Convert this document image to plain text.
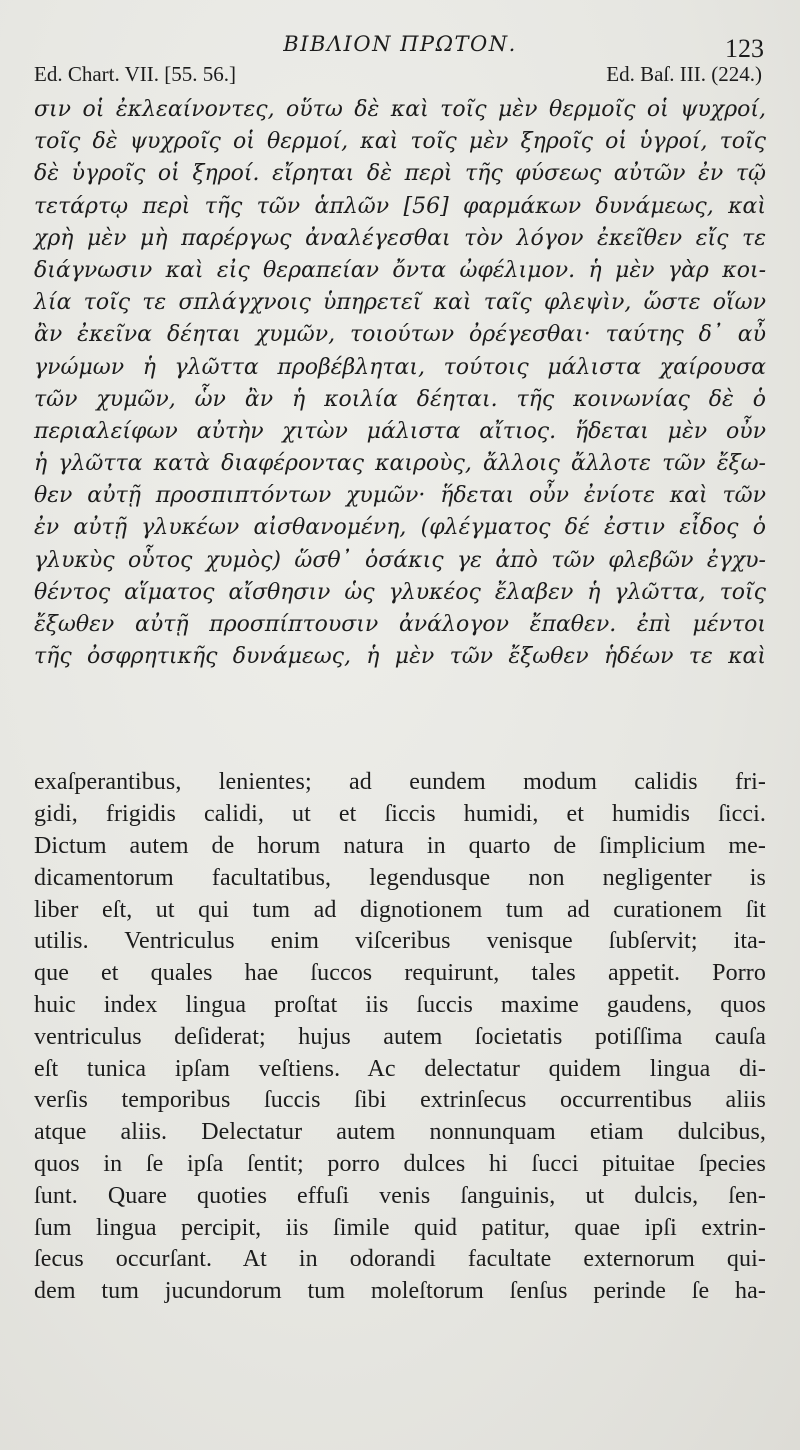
ΒΙΒΛΙΟΝ ΠΡΩΤΟΝ.	123
Ed. Chart. VII. [55. 56.]	Ed. Baſ. III. (224.)
σιν οἱ ἐκλεαίνοντες, οὕτω δὲ καὶ τοῖς μὲν θερμοῖς οἱ ψυχροί,
τοῖς δὲ ψυχροῖς οἱ θερμοί, καὶ τοῖς μὲν ξηροῖς οἱ ὑγροί, τοῖς
δὲ ὑγροῖς οἱ ξηροί. εἴρηται δὲ περὶ τῆς φύσεως αὐτῶν ἐν τῷ
τετάρτῳ περὶ τῆς τῶν ἁπλῶν [56] φαρμάκων δυνάμεως, καὶ
χρὴ μὲν μὴ παρέργως ἀναλέγεσθαι τὸν λόγον ἐκεῖθεν εἴς τε
διάγνωσιν καὶ εἰς θεραπείαν ὄντα ὠφέλιμον. ἡ μὲν γὰρ κοι-
λία τοῖς τε σπλάγχνοις ὑπηρετεῖ καὶ ταῖς φλεψὶν, ὥστε οἵων
ἂν ἐκεῖνα δέηται χυμῶν, τοιούτων ὀρέγεσθαι· ταύτης δ᾽ αὖ
γνώμων ἡ γλῶττα προβέβληται, τούτοις μάλιστα χαίρουσα
τῶν χυμῶν, ὧν ἂν ἡ κοιλία δέηται. τῆς κοινωνίας δὲ ὁ
περιαλείφων αὐτὴν χιτὼν μάλιστα αἴτιος. ἥδεται μὲν οὖν
ἡ γλῶττα κατὰ διαφέροντας καιροὺς, ἄλλοις ἄλλοτε τῶν ἔξω-
θεν αὐτῇ προσπιπτόντων χυμῶν· ἥδεται οὖν ἐνίοτε καὶ τῶν
ἐν αὐτῇ γλυκέων αἰσθανομένη, (φλέγματος δέ ἐστιν εἶδος ὁ
γλυκὺς οὗτος χυμὸς) ὥσθ᾽ ὁσάκις γε ἀπὸ τῶν φλεβῶν ἐγχυ-
θέντος αἵματος αἴσθησιν ὡς γλυκέος ἔλαβεν ἡ γλῶττα, τοῖς
ἔξωθεν αὐτῇ προσπίπτουσιν ἀνάλογον ἔπαθεν. ἐπὶ μέντοι
τῆς ὀσφρητικῆς δυνάμεως, ἡ μὲν τῶν ἔξωθεν ἡδέων τε καὶ
exaſperantibus, lenientes; ad eundem modum calidis fri-
gidi, frigidis calidi, ut et ſiccis humidi, et humidis ſicci.
Dictum autem de horum natura in quarto de ſimplicium me-
dicamentorum facultatibus, legendusque non negligenter is
liber eſt, ut qui tum ad dignotionem tum ad curationem ſit
utilis. Ventriculus enim viſceribus venisque ſubſervit; ita-
que et quales hae ſuccos requirunt, tales appetit. Porro
huic index lingua proſtat iis ſuccis maxime gaudens, quos
ventriculus deſiderat; hujus autem ſocietatis potiſſima cauſa
eſt tunica ipſam veſtiens. Ac delectatur quidem lingua di-
verſis temporibus ſuccis ſibi extrinſecus occurrentibus aliis
atque aliis. Delectatur autem nonnunquam etiam dulcibus,
quos in ſe ipſa ſentit; porro dulces hi ſucci pituitae ſpecies
ſunt. Quare quoties effuſi venis ſanguinis, ut dulcis, ſen-
ſum lingua percipit, iis ſimile quid patitur, quae ipſi extrin-
ſecus occurſant. At in odorandi facultate externorum qui-
dem tum jucundorum tum moleſtorum ſenſus perinde ſe ha-
